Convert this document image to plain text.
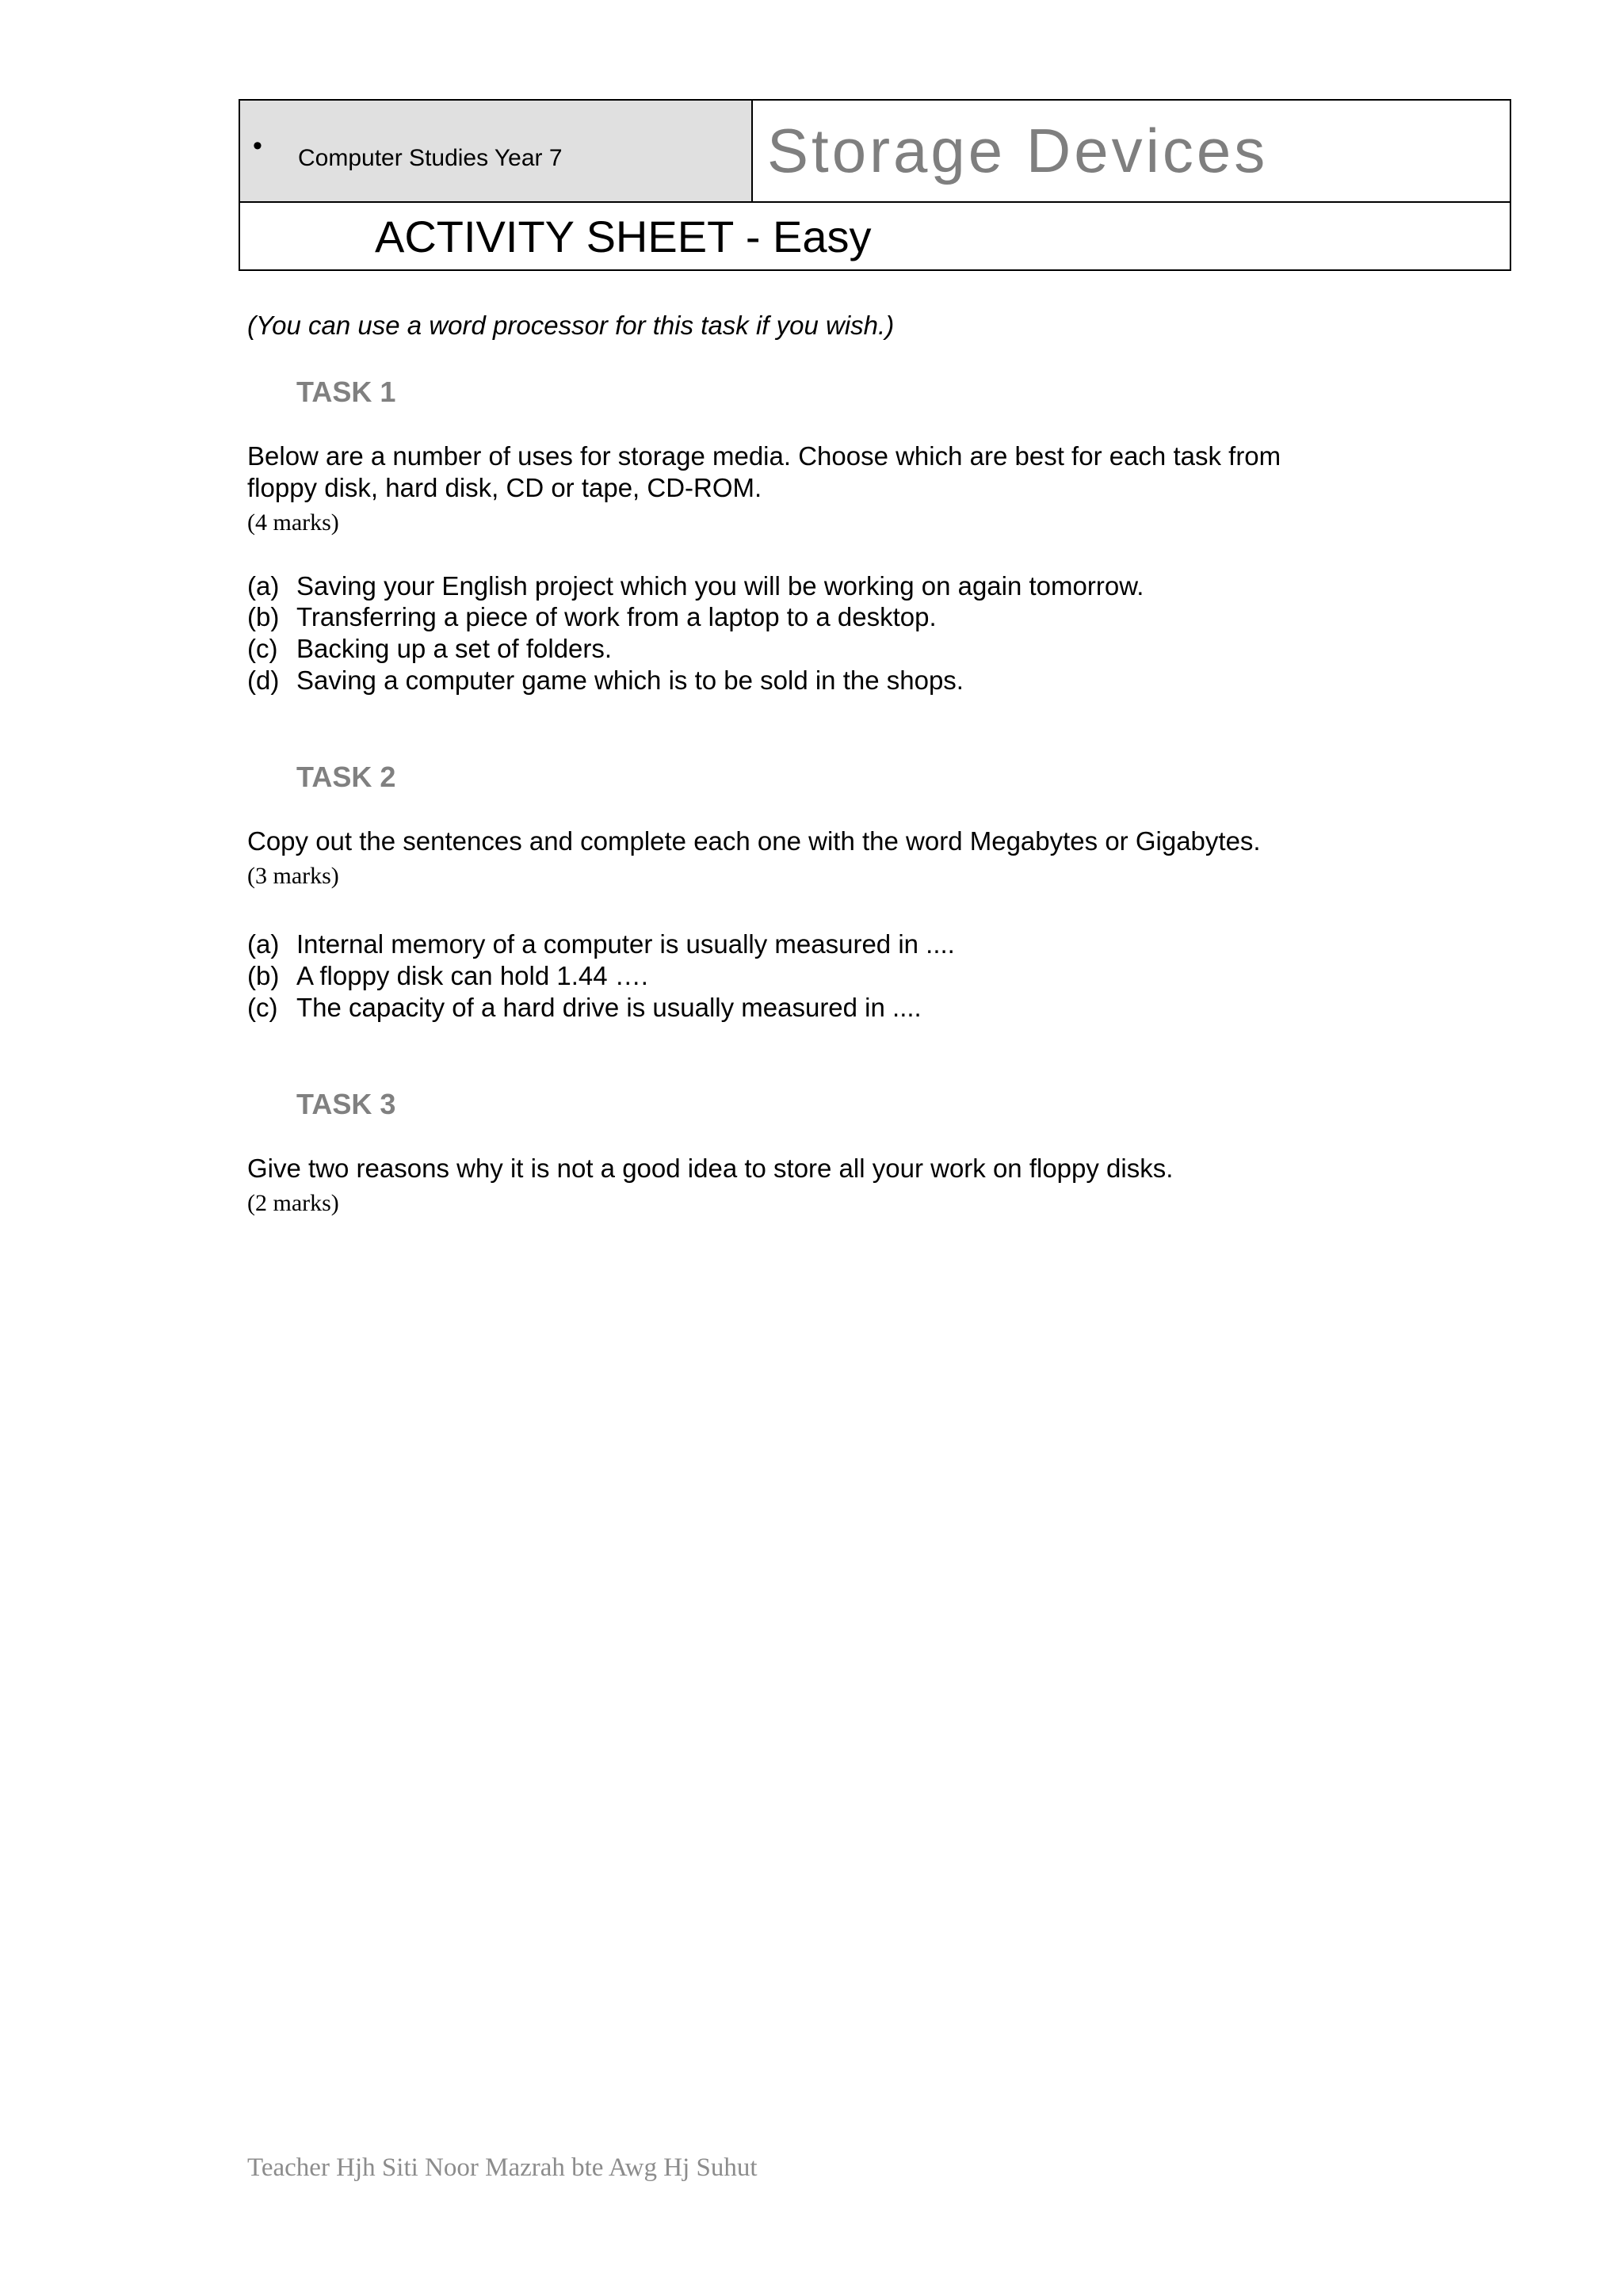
• Computer Studies Year 7	Storage Devices

ACTIVITY SHEET - Easy
(You can use a word processor for this task if you wish.)
TASK 1
Below are a number of uses for storage media. Choose which are best for each task from
floppy disk, hard disk, CD or tape, CD-ROM.
(4 marks)
(a) Saving your English project which you will be working on again tomorrow.
(b) Transferring a piece of work from a laptop to a desktop.
(c) Backing up a set of folders.
(d) Saving a computer game which is to be sold in the shops.
TASK 2
Copy out the sentences and complete each one with the word Megabytes or Gigabytes.
(3 marks)
(a) Internal memory of a computer is usually measured in ....
(b) A floppy disk can hold 1.44 ….
(c) The capacity of a hard drive is usually measured in ....
TASK 3
Give two reasons why it is not a good idea to store all your work on floppy disks.
(2 marks)
Teacher Hjh Siti Noor Mazrah bte Awg Hj Suhut
